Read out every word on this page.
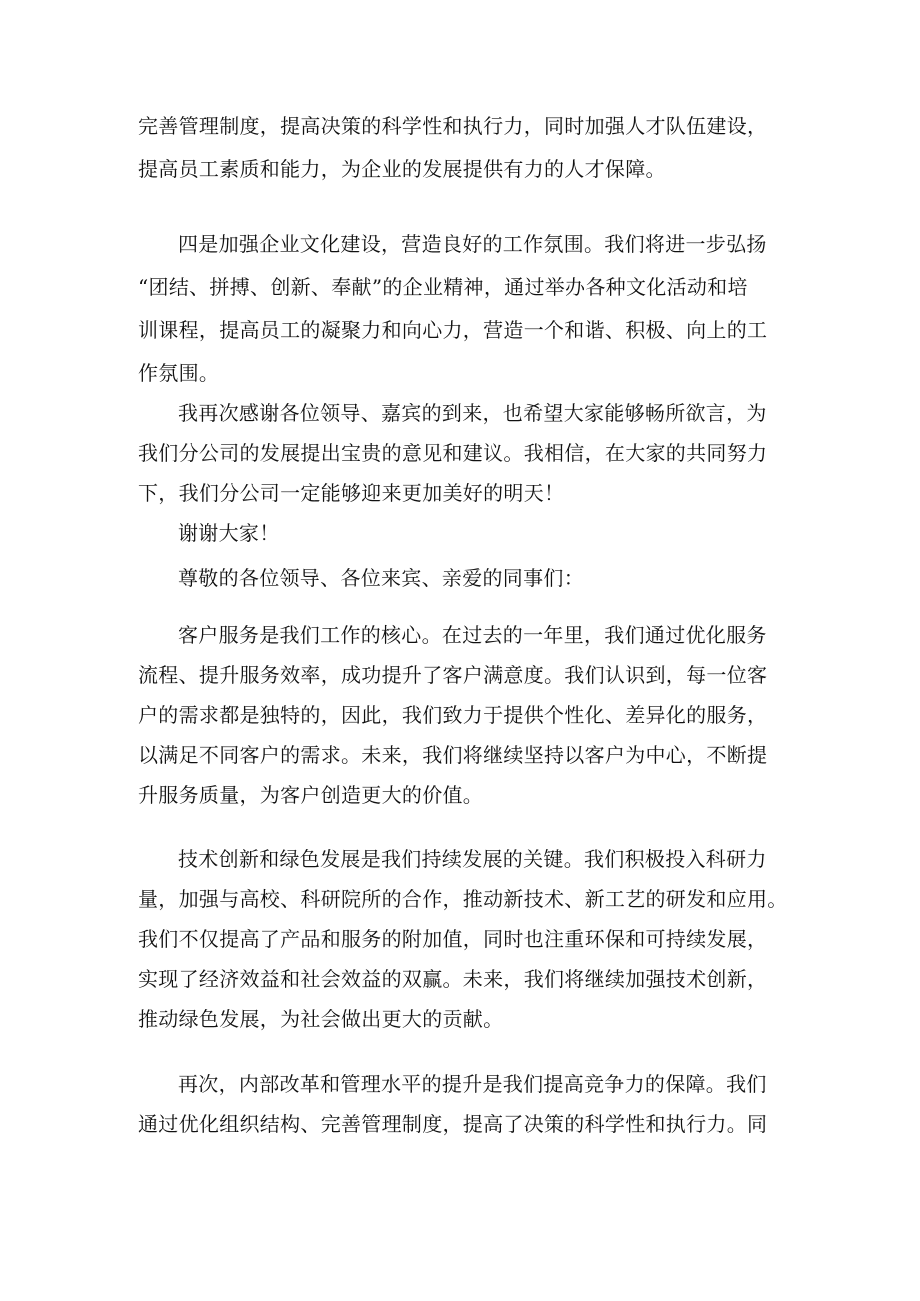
完善管理制度，提高决策的科学性和执行力，同时加强人才队伍建设，
提高员工素质和能力，为企业的发展提供有力的人才保障。
四是加强企业文化建设，营造良好的工作氛围。我们将进一步弘扬
“团结、拼搏、创新、奉献”的企业精神，通过举办各种文化活动和培
训课程，提高员工的凝聚力和向心力，营造一个和谐、积极、向上的工
作氛围。
我再次感谢各位领导、嘉宾的到来，也希望大家能够畅所欲言，为
我们分公司的发展提出宝贵的意见和建议。我相信，在大家的共同努力
下，我们分公司一定能够迎来更加美好的明天！
谢谢大家！
尊敬的各位领导、各位来宾、亲爱的同事们：
客户服务是我们工作的核心。在过去的一年里，我们通过优化服务
流程、提升服务效率，成功提升了客户满意度。我们认识到，每一位客
户的需求都是独特的，因此，我们致力于提供个性化、差异化的服务，
以满足不同客户的需求。未来，我们将继续坚持以客户为中心，不断提
升服务质量，为客户创造更大的价值。
技术创新和绿色发展是我们持续发展的关键。我们积极投入科研力
量，加强与高校、科研院所的合作，推动新技术、新工艺的研发和应用。
我们不仅提高了产品和服务的附加值，同时也注重环保和可持续发展，
实现了经济效益和社会效益的双赢。未来，我们将继续加强技术创新，
推动绿色发展，为社会做出更大的贡献。
再次，内部改革和管理水平的提升是我们提高竞争力的保障。我们
通过优化组织结构、完善管理制度，提高了决策的科学性和执行力。同
